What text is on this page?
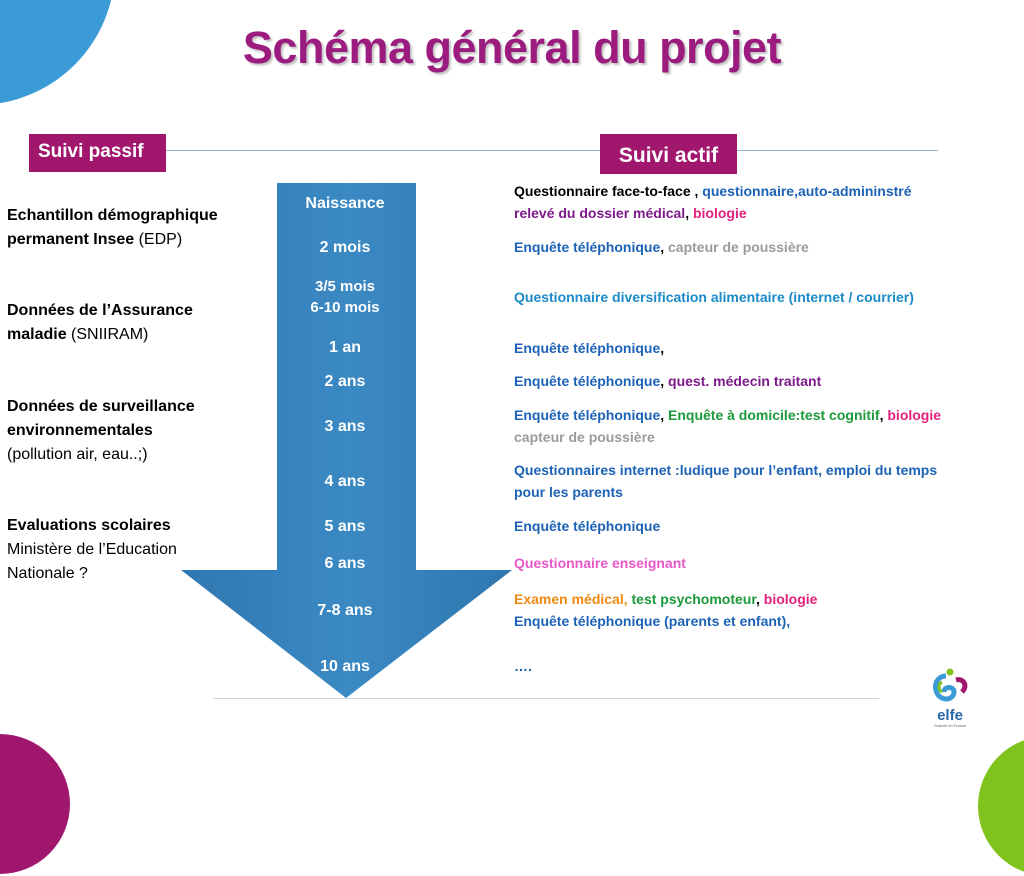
Schéma général du projet
Suivi passif	Suivi actif
Echantillon démographique permanent Insee (EDP)
Données de l’Assurance maladie (SNIIRAM)
Données de surveillance environnementales
(pollution air, eau..;)
Evaluations scolaires
Ministère de l’Education Nationale ?
Naissance
2 mois
3/5 mois
6-10 mois
1 an
2 ans
3 ans
4 ans
5 ans
6 ans
7-8 ans
10 ans
Questionnaire face-to-face , questionnaire,auto-admininstré
relevé du dossier médical, biologie
Enquête téléphonique, capteur de poussière
Questionnaire diversification alimentaire (internet / courrier)
Enquête téléphonique,
Enquête téléphonique, quest. médecin traitant
Enquête téléphonique, Enquête à domicile:test cognitif, biologie
capteur de poussière
Questionnaires internet :ludique pour l’enfant, emploi du temps
pour les parents
Enquête téléphonique
Questionnaire enseignant
Examen médical, test psychomoteur, biologie
Enquête téléphonique (parents et enfant),
….
elfe
Grandir en France
